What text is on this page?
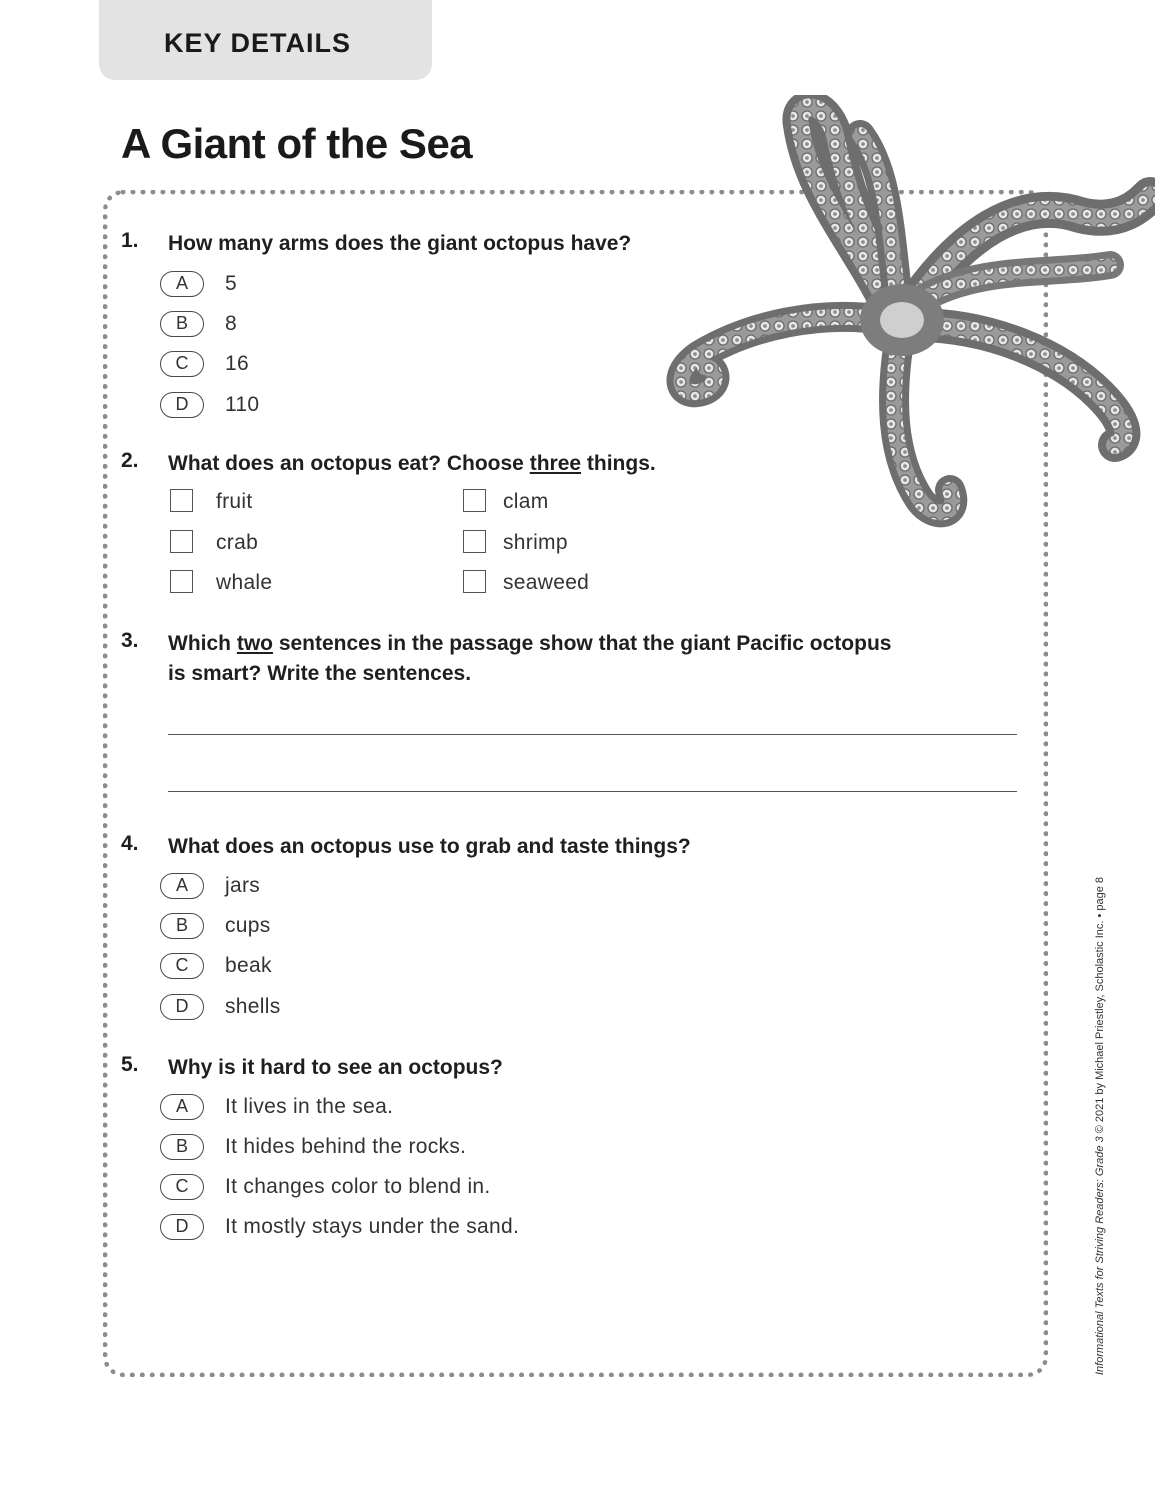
KEY DETAILS
A Giant of the Sea
1.	How many arms does the giant octopus have?
A	5
B	8
C	16
D	110
2.	What does an octopus eat? Choose three things.
fruit	clam
crab	shrimp
whale	seaweed
3.	Which two sentences in the passage show that the giant Pacific octopus
is smart? Write the sentences.
4.	What does an octopus use to grab and taste things?
A	jars
B	cups
C	beak
D	shells
5.	Why is it hard to see an octopus?
A	It lives in the sea.
B	It hides behind the rocks.
C	It changes color to blend in.
D	It mostly stays under the sand.	Informational Texts for Striving Readers: Grade 3 © 2021 by Michael Priestley, Scholastic Inc. • page 8
